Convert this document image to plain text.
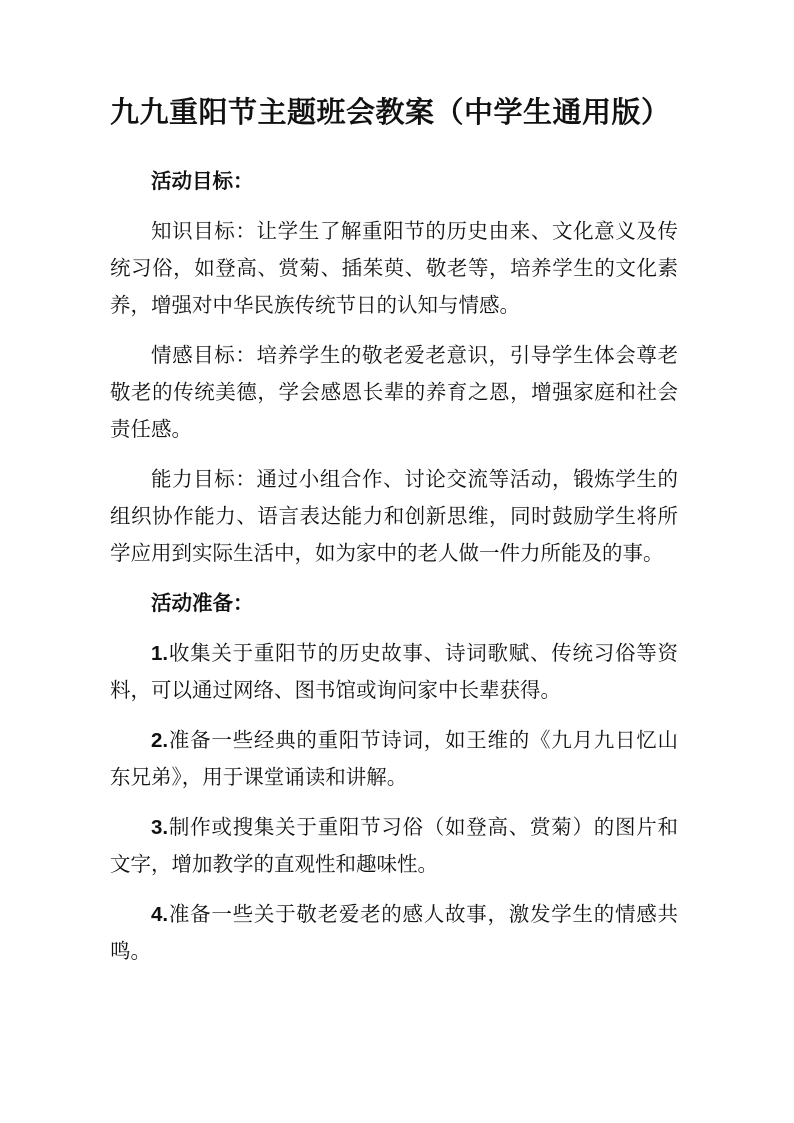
九九重阳节主题班会教案（中学生通用版）
活动目标：

知识目标：让学生了解重阳节的历史由来、文化意义及传统习俗，如登高、赏菊、插茱萸、敬老等，培养学生的文化素养，增强对中华民族传统节日的认知与情感。

情感目标：培养学生的敬老爱老意识，引导学生体会尊老敬老的传统美德，学会感恩长辈的养育之恩，增强家庭和社会责任感。

能力目标：通过小组合作、讨论交流等活动，锻炼学生的组织协作能力、语言表达能力和创新思维，同时鼓励学生将所学应用到实际生活中，如为家中的老人做一件力所能及的事。

活动准备：

1.收集关于重阳节的历史故事、诗词歌赋、传统习俗等资料，可以通过网络、图书馆或询问家中长辈获得。

2.准备一些经典的重阳节诗词，如王维的《九月九日忆山东兄弟》，用于课堂诵读和讲解。

3.制作或搜集关于重阳节习俗（如登高、赏菊）的图片和文字，增加教学的直观性和趣味性。

4.准备一些关于敬老爱老的感人故事，激发学生的情感共鸣。
